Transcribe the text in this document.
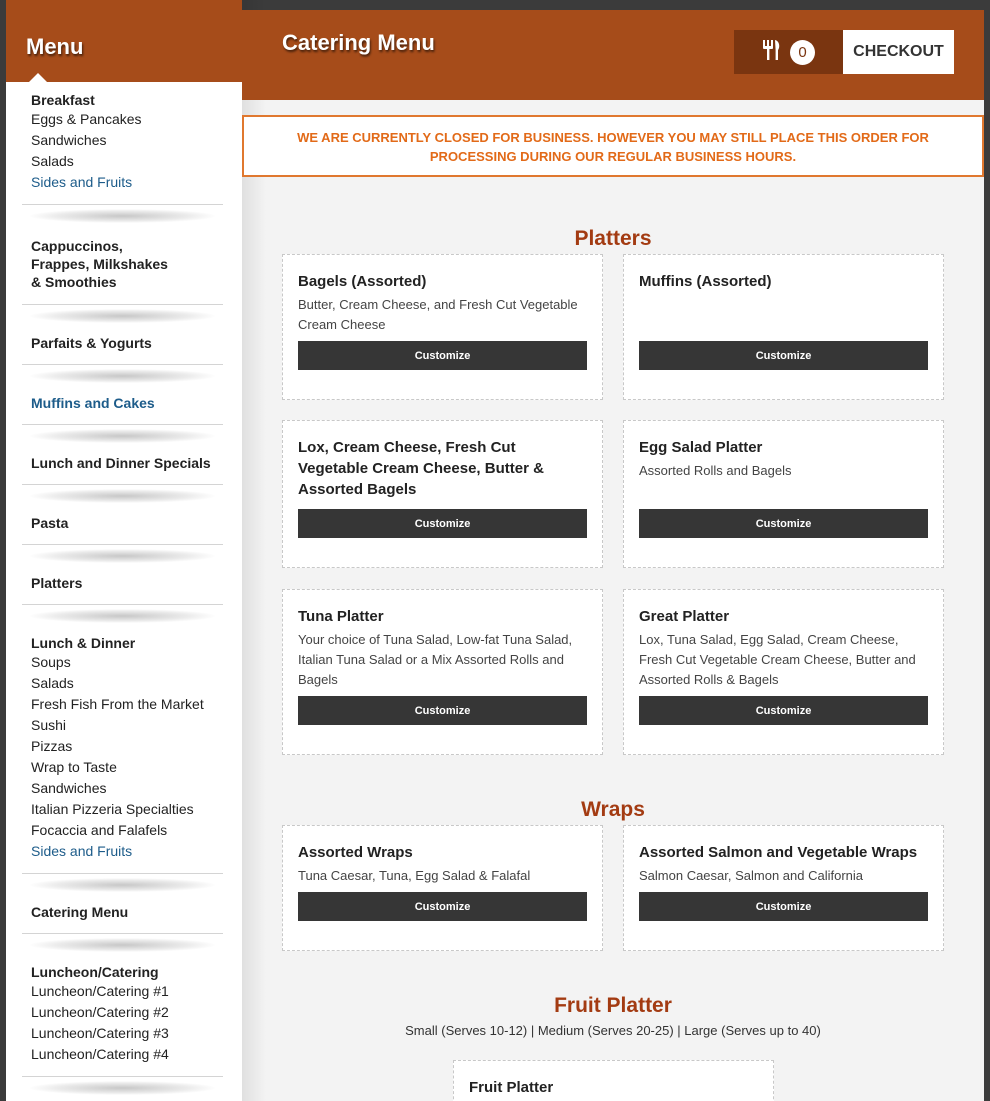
Menu
Breakfast
Eggs & Pancakes
Sandwiches
Salads
Sides and Fruits
Cappuccinos,
Frappes, Milkshakes
& Smoothies
Parfaits & Yogurts
Muffins and Cakes
Lunch and Dinner Specials
Pasta
Platters
Lunch & Dinner
Soups
Salads
Fresh Fish From the Market
Sushi
Pizzas
Wrap to Taste
Sandwiches
Italian Pizzeria Specialties
Focaccia and Falafels
Sides and Fruits
Catering Menu
Luncheon/Catering
Luncheon/Catering #1
Luncheon/Catering #2
Luncheon/Catering #3
Luncheon/Catering #4
Catering Menu	0	CHECKOUT
WE ARE CURRENTLY CLOSED FOR BUSINESS. HOWEVER YOU MAY STILL PLACE THIS ORDER FOR PROCESSING DURING OUR REGULAR BUSINESS HOURS.
Platters
Bagels (Assorted)

Butter, Cream Cheese, and Fresh Cut Vegetable Cream Cheese

Customize
Muffins (Assorted)

Customize
Lox, Cream Cheese, Fresh Cut Vegetable Cream Cheese, Butter & Assorted Bagels

Customize
Egg Salad Platter

Assorted Rolls and Bagels

Customize
Tuna Platter

Your choice of Tuna Salad, Low-fat Tuna Salad, Italian Tuna Salad or a Mix Assorted Rolls and Bagels

Customize
Great Platter

Lox, Tuna Salad, Egg Salad, Cream Cheese, Fresh Cut Vegetable Cream Cheese, Butter and Assorted Rolls & Bagels

Customize
Wraps
Assorted Wraps

Tuna Caesar, Tuna, Egg Salad & Falafal

Customize
Assorted Salmon and Vegetable Wraps

Salmon Caesar, Salmon and California

Customize
Fruit Platter
Small (Serves 10-12) | Medium (Serves 20-25) | Large (Serves up to 40)
Fruit Platter
